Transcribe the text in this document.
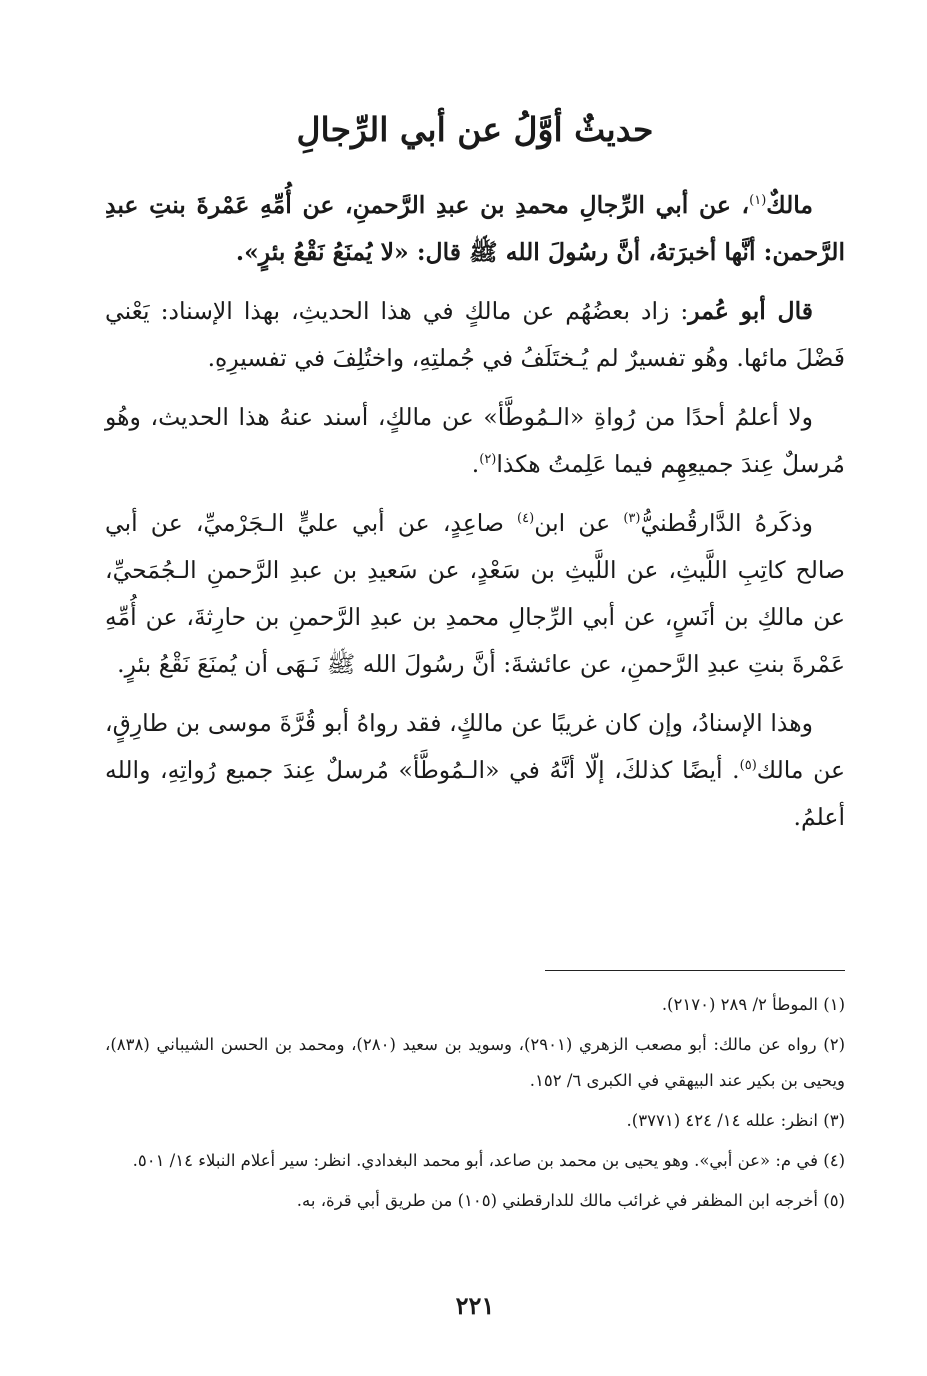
حديثٌ أوَّلُ عن أبي الرِّجالِ

مالكٌ$^{(١)}$، عن أبي الرِّجالِ محمدِ بن عبدِ الرَّحمنِ، عن أُمِّهِ عَمْرةَ بنتِ عبدِ الرَّحمن: أنَّها أخبرَتهُ، أنَّ رسُولَ الله ﷺ قال: «لا يُمنَعُ نَقْعُ بئرٍ».

قال أبو عُمر: زاد بعضُهُم عن مالكٍ في هذا الحديثِ، بهذا الإسناد: يَعْني فَضْلَ مائها. وهُو تفسيرٌ لم يُـختَلَفُ في جُملتِهِ، واختُلِفَ في تفسيرِهِ.

ولا أعلمُ أحدًا من رُواةِ «الـمُوطَّأ» عن مالكٍ، أسند عنهُ هذا الحديث، وهُو مُرسلٌ عِندَ جميعِهِم فيما عَلِمتُ هكذا$^{(٢)}$.

وذكَرهُ الدَّارقُطنيُّ$^{(٣)}$ عن ابن$^{(٤)}$ صاعِدٍ، عن أبي عليٍّ الـجَرْميِّ، عن أبي صالح كاتِبِ اللَّيثِ، عن اللَّيثِ بن سَعْدٍ، عن سَعيدِ بن عبدِ الرَّحمنِ الـجُمَحيِّ، عن مالكِ بن أنَسٍ، عن أبي الرِّجالِ محمدِ بن عبدِ الرَّحمنِ بن حارِثةَ، عن أُمِّهِ عَمْرةَ بنتِ عبدِ الرَّحمنِ، عن عائشةَ: أنَّ رسُولَ الله ﷺ نَـهَى أن يُمنَعَ نَقْعُ بئرٍ.

وهذا الإسنادُ، وإن كان غريبًا عن مالكٍ، فقد رواهُ أبو قُرَّةَ موسى بن طارِقٍ، عن مالك$^{(٥)}$. أيضًا كذلكَ، إلّا أنَّهُ في «الـمُوطَّأ» مُرسلٌ عِندَ جميع رُواتِهِ، والله أعلمُ.

(١) الموطأ ٢/ ٢٨٩ (٢١٧٠).

(٢) رواه عن مالك: أبو مصعب الزهري (٢٩٠١)، وسويد بن سعيد (٢٨٠)، ومحمد بن الحسن الشيباني (٨٣٨)، ويحيى بن بكير عند البيهقي في الكبرى ٦/ ١٥٢.

(٣) انظر: علله ١٤/ ٤٢٤ (٣٧٧١).

(٤) في م: «عن أبي». وهو يحيى بن محمد بن صاعد، أبو محمد البغدادي. انظر: سير أعلام النبلاء ١٤/ ٥٠١.

(٥) أخرجه ابن المظفر في غرائب مالك للدارقطني (١٠٥) من طريق أبي قرة، به.

٢٢١
